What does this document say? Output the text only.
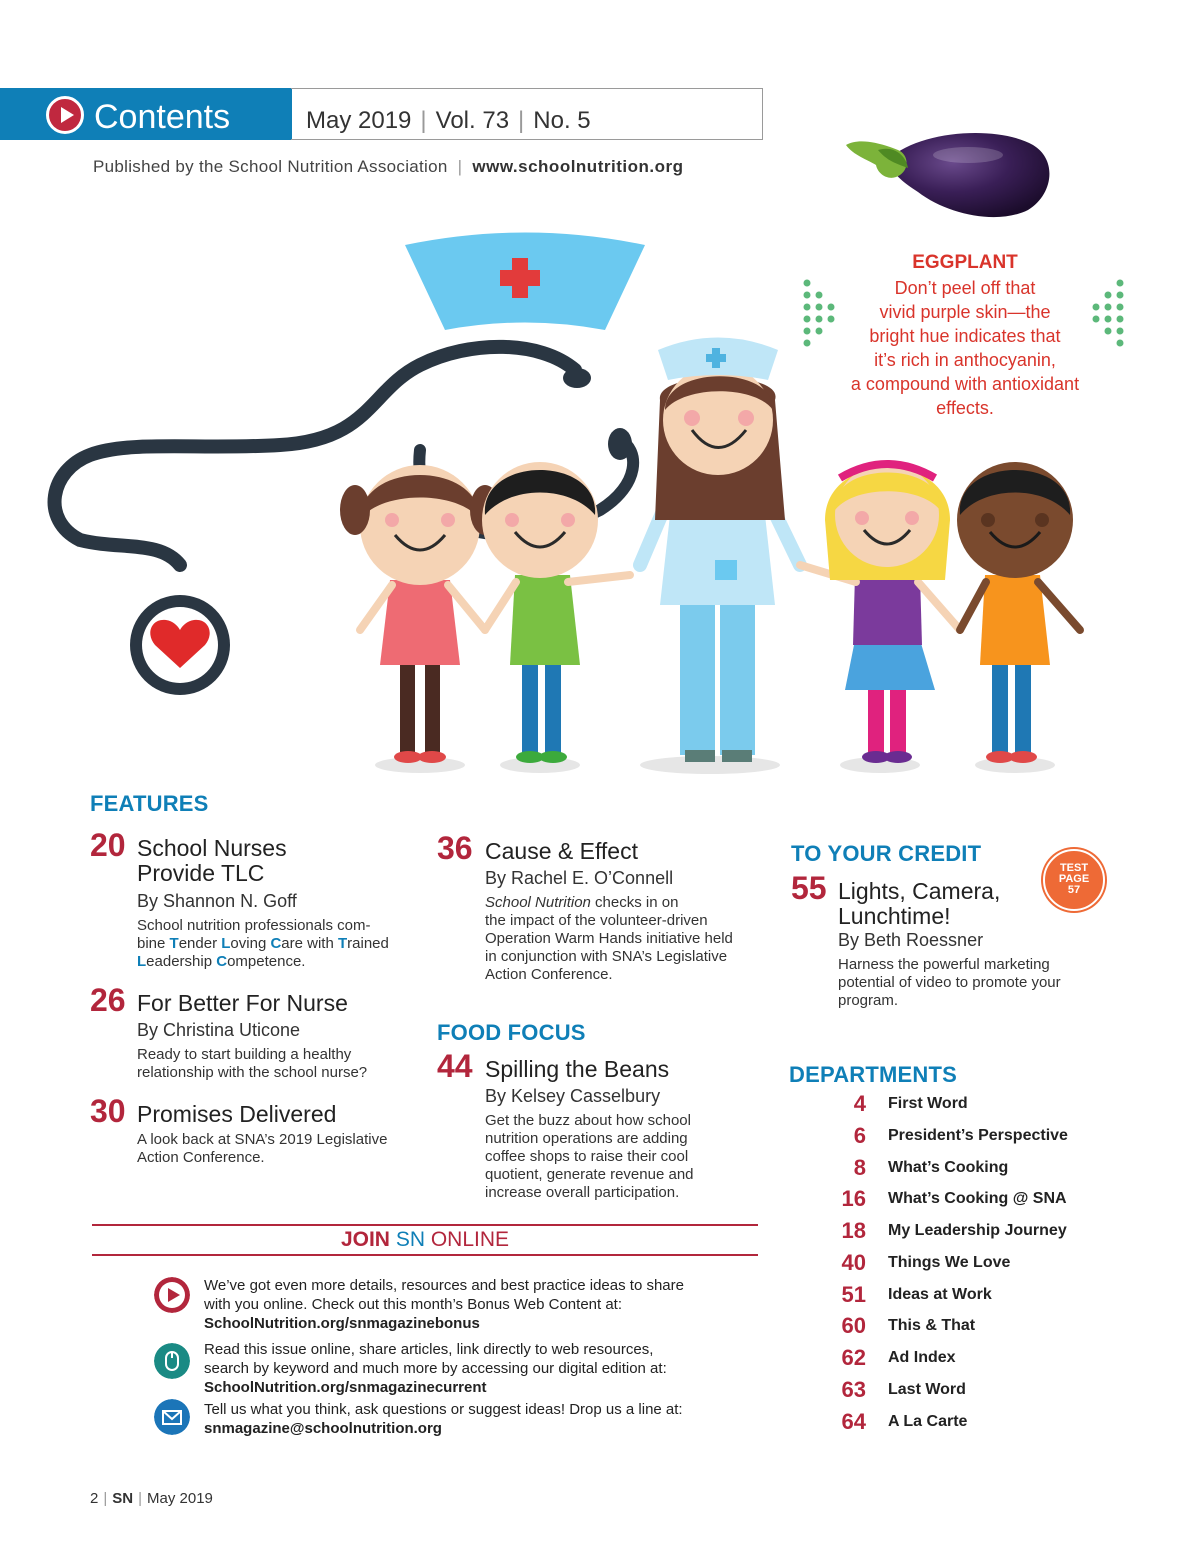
Contents	May 2019 | Vol. 73 | No. 5
Published by the School Nutrition Association | www.schoolnutrition.org
EGGPLANT
Don’t peel off that
vivid purple skin—the
bright hue indicates that
it’s rich in anthocyanin,
a compound with antioxidant
effects.
FEATURES
20 School Nurses
Provide TLC
By Shannon N. Goff
School nutrition professionals com-
bine Tender Loving Care with Trained
Leadership Competence.
26 For Better For Nurse
By Christina Uticone
Ready to start building a healthy
relationship with the school nurse?
30 Promises Delivered
A look back at SNA’s 2019 Legislative
Action Conference.
36 Cause & Effect
By Rachel E. O’Connell
School Nutrition checks in on
the impact of the volunteer-driven
Operation Warm Hands initiative held
in conjunction with SNA’s Legislative
Action Conference.
FOOD FOCUS
44 Spilling the Beans
By Kelsey Casselbury
Get the buzz about how school
nutrition operations are adding
coffee shops to raise their cool
quotient, generate revenue and
increase overall participation.
TO YOUR CREDIT
TEST
PAGE
57
55 Lights, Camera,
Lunchtime!
By Beth Roessner
Harness the powerful marketing
potential of video to promote your
program.
DEPARTMENTS
4 First Word
6 President’s Perspective
8 What’s Cooking
16 What’s Cooking @ SNA
18 My Leadership Journey
40 Things We Love
51 Ideas at Work
60 This & That
62 Ad Index
63 Last Word
64 A La Carte
JOIN SN ONLINE
We’ve got even more details, resources and best practice ideas to share
with you online. Check out this month’s Bonus Web Content at:
SchoolNutrition.org/snmagazinebonus
Read this issue online, share articles, link directly to web resources,
search by keyword and much more by accessing our digital edition at:
SchoolNutrition.org/snmagazinecurrent
Tell us what you think, ask questions or suggest ideas! Drop us a line at:
snmagazine@schoolnutrition.org
2 | SN | May 2019
